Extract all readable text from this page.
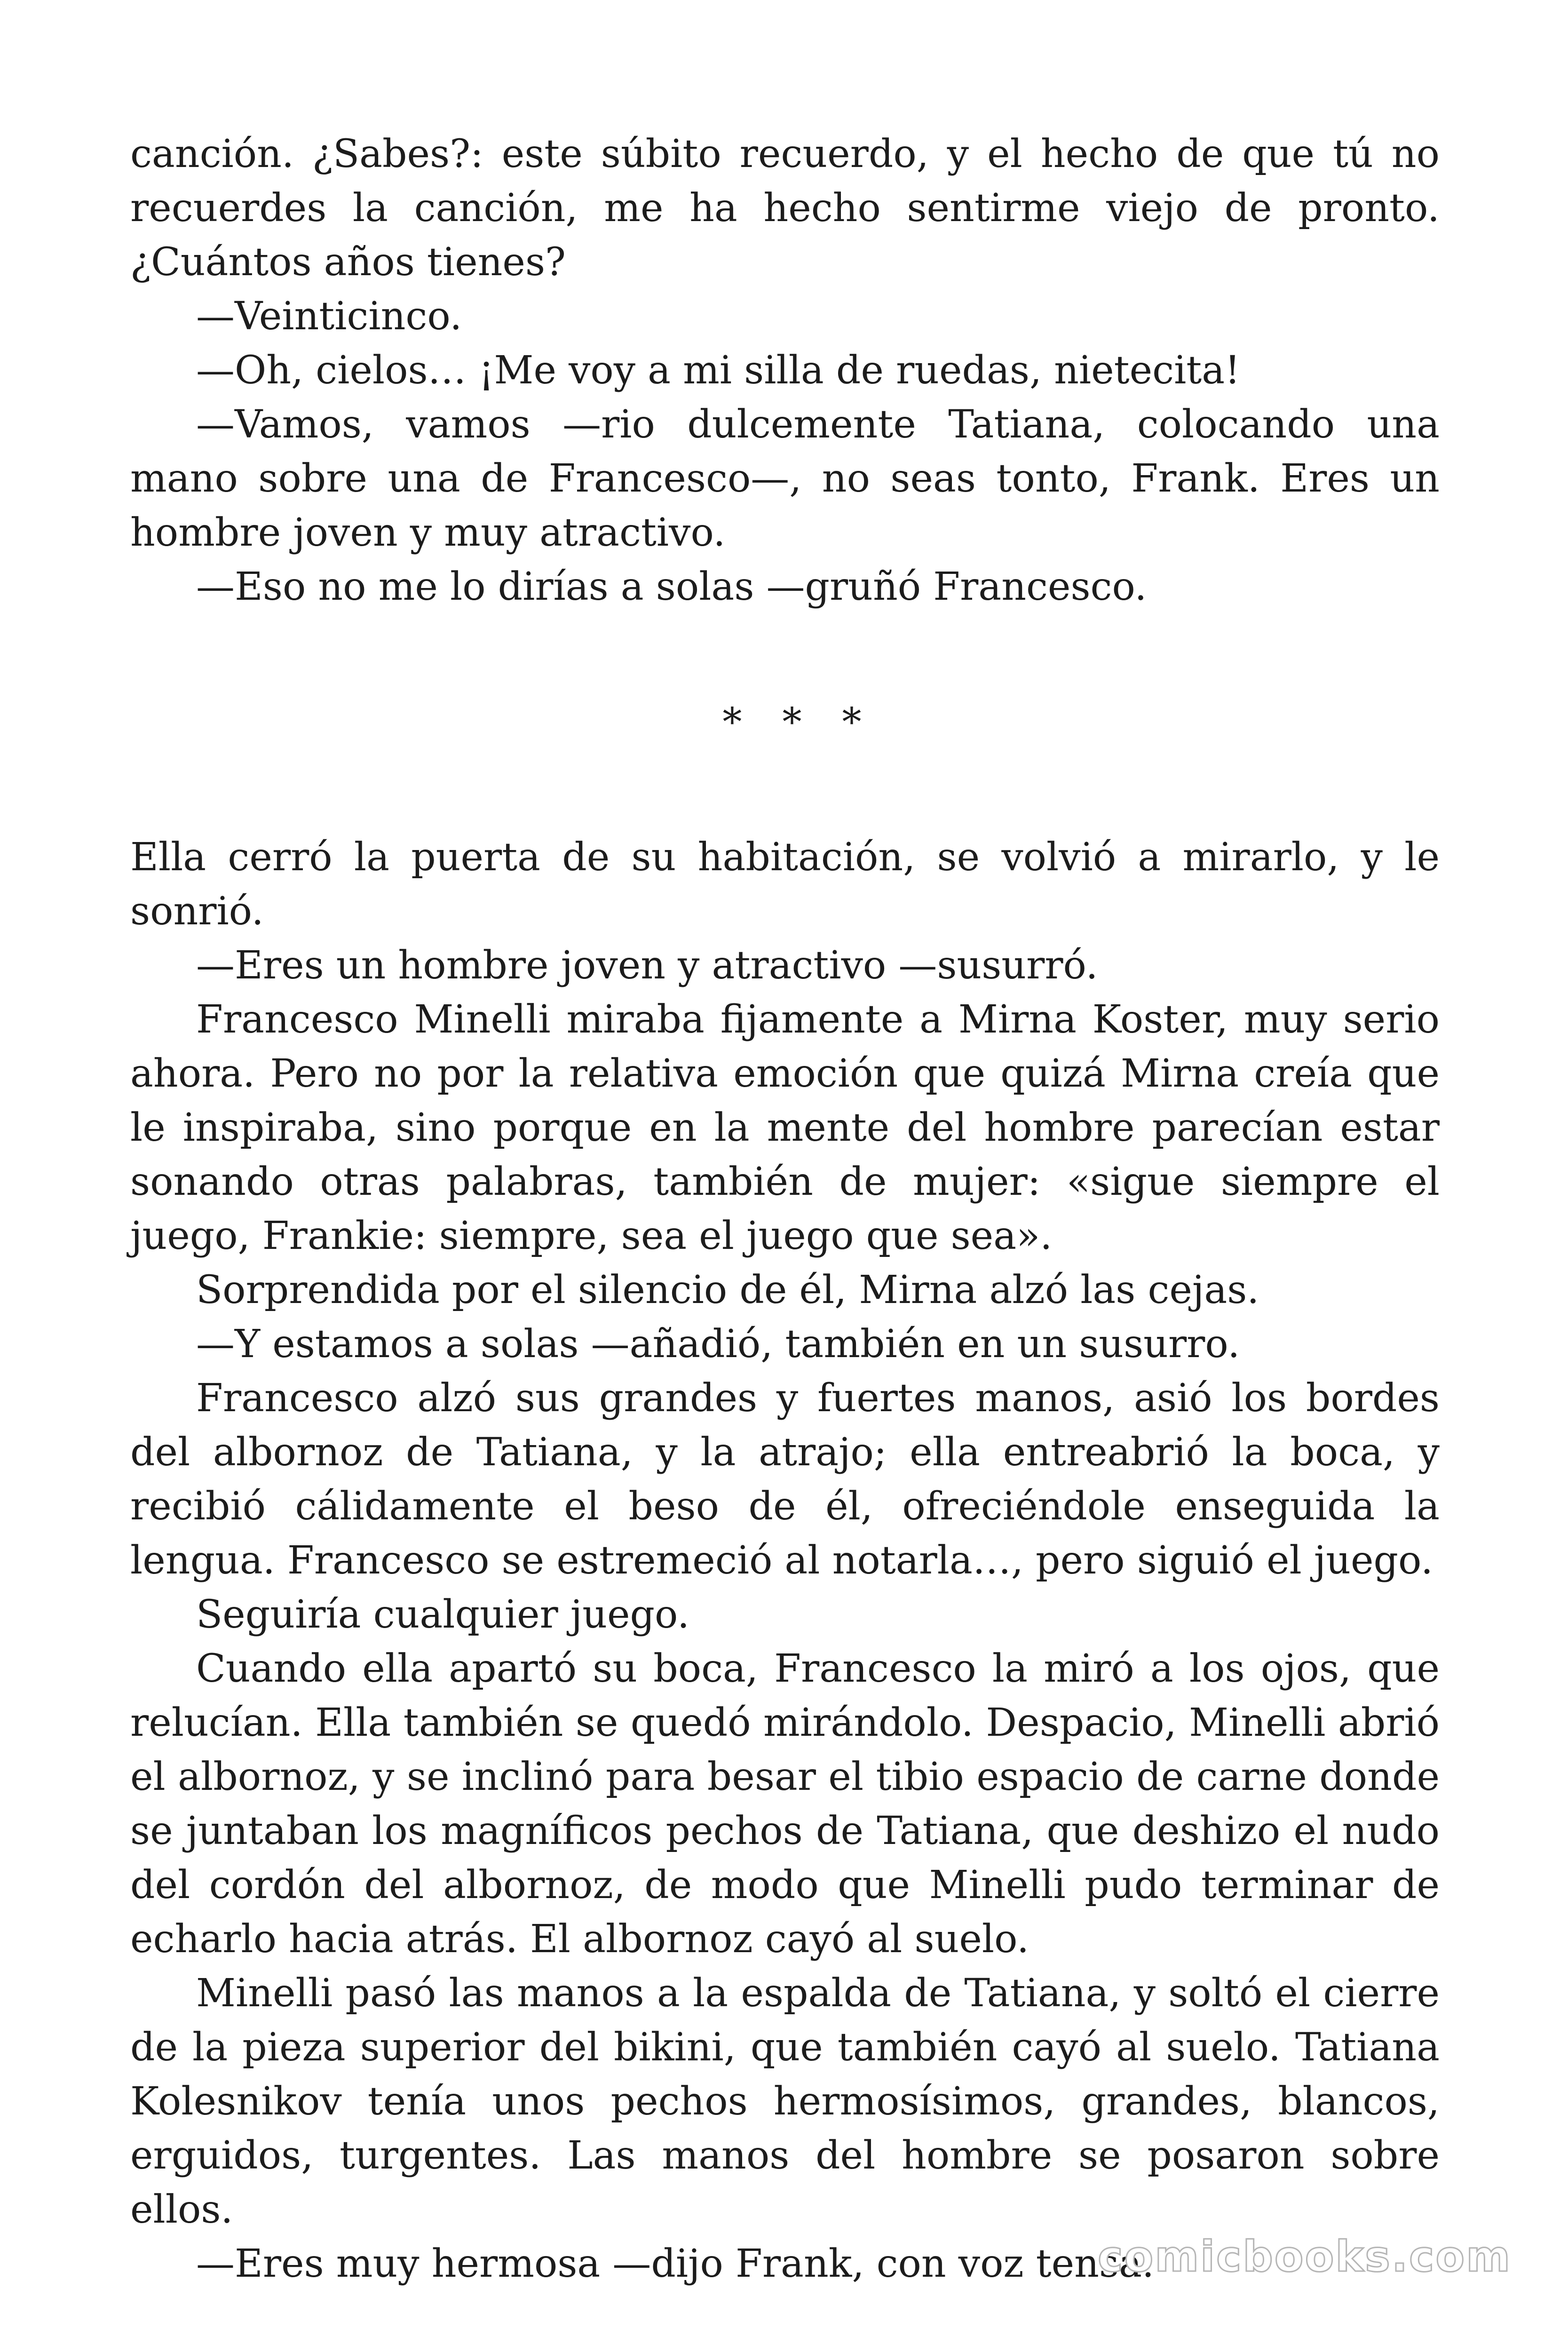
canción. ¿Sabes?: este súbito recuerdo, y el hecho de que tú no recuerdes la canción, me ha hecho sentirme viejo de pronto. ¿Cuántos años tienes?

—Veinticinco.

—Oh, cielos… ¡Me voy a mi silla de ruedas, nietecita!

—Vamos, vamos —rio dulcemente Tatiana, colocando una mano sobre una de Francesco—, no seas tonto, Frank. Eres un hombre joven y muy atractivo.

—Eso no me lo dirías a solas —gruñó Francesco.

* * *

Ella cerró la puerta de su habitación, se volvió a mirarlo, y le sonrió.

—Eres un hombre joven y atractivo —susurró.

Francesco Minelli miraba fijamente a Mirna Koster, muy serio ahora. Pero no por la relativa emoción que quizá Mirna creía que le inspiraba, sino porque en la mente del hombre parecían estar sonando otras palabras, también de mujer: «sigue siempre el juego, Frankie: siempre, sea el juego que sea».

Sorprendida por el silencio de él, Mirna alzó las cejas.

—Y estamos a solas —añadió, también en un susurro.

Francesco alzó sus grandes y fuertes manos, asió los bordes del albornoz de Tatiana, y la atrajo; ella entreabrió la boca, y recibió cálidamente el beso de él, ofreciéndole enseguida la lengua. Francesco se estremeció al notarla…, pero siguió el juego.

Seguiría cualquier juego.

Cuando ella apartó su boca, Francesco la miró a los ojos, que relucían. Ella también se quedó mirándolo. Despacio, Minelli abrió el albornoz, y se inclinó para besar el tibio espacio de carne donde se juntaban los magníficos pechos de Tatiana, que deshizo el nudo del cordón del albornoz, de modo que Minelli pudo terminar de echarlo hacia atrás. El albornoz cayó al suelo.

Minelli pasó las manos a la espalda de Tatiana, y soltó el cierre de la pieza superior del bikini, que también cayó al suelo. Tatiana Kolesnikov tenía unos pechos hermosísimos, grandes, blancos, erguidos, turgentes. Las manos del hombre se posaron sobre ellos.

—Eres muy hermosa —dijo Frank, con voz tensa.

comicbooks.com
